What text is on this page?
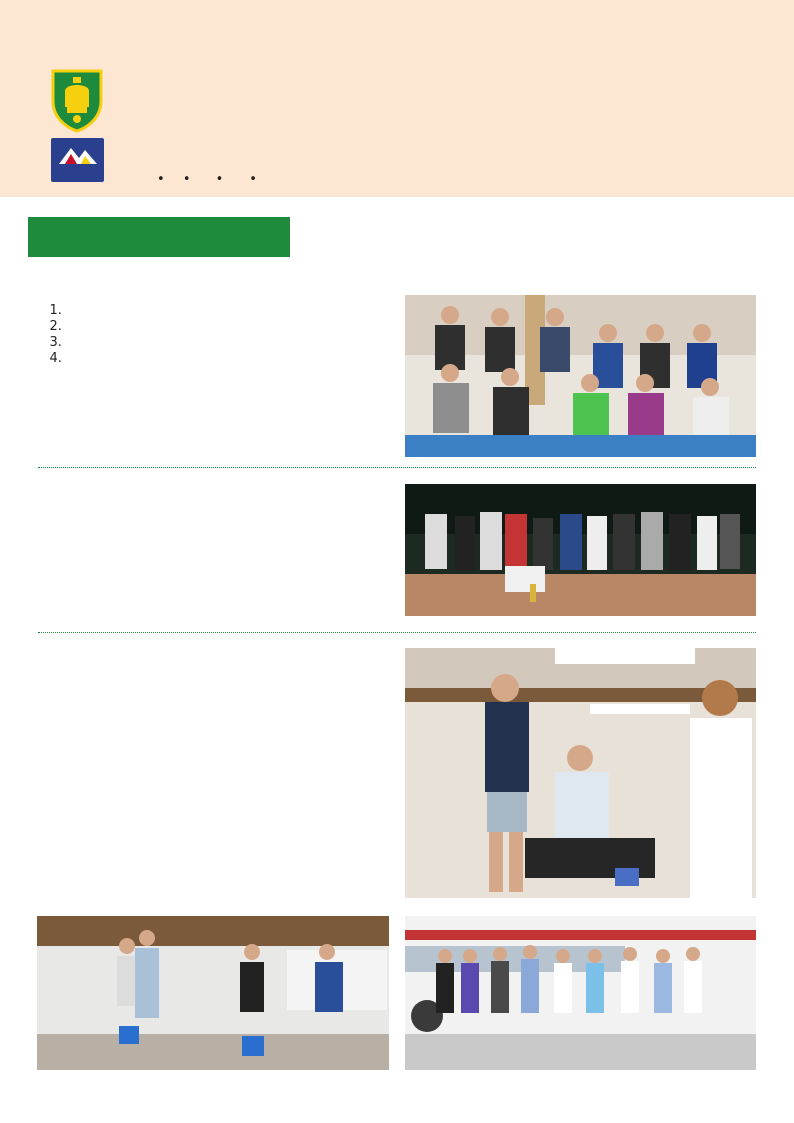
• • • •

1.
2.
3.
4.
